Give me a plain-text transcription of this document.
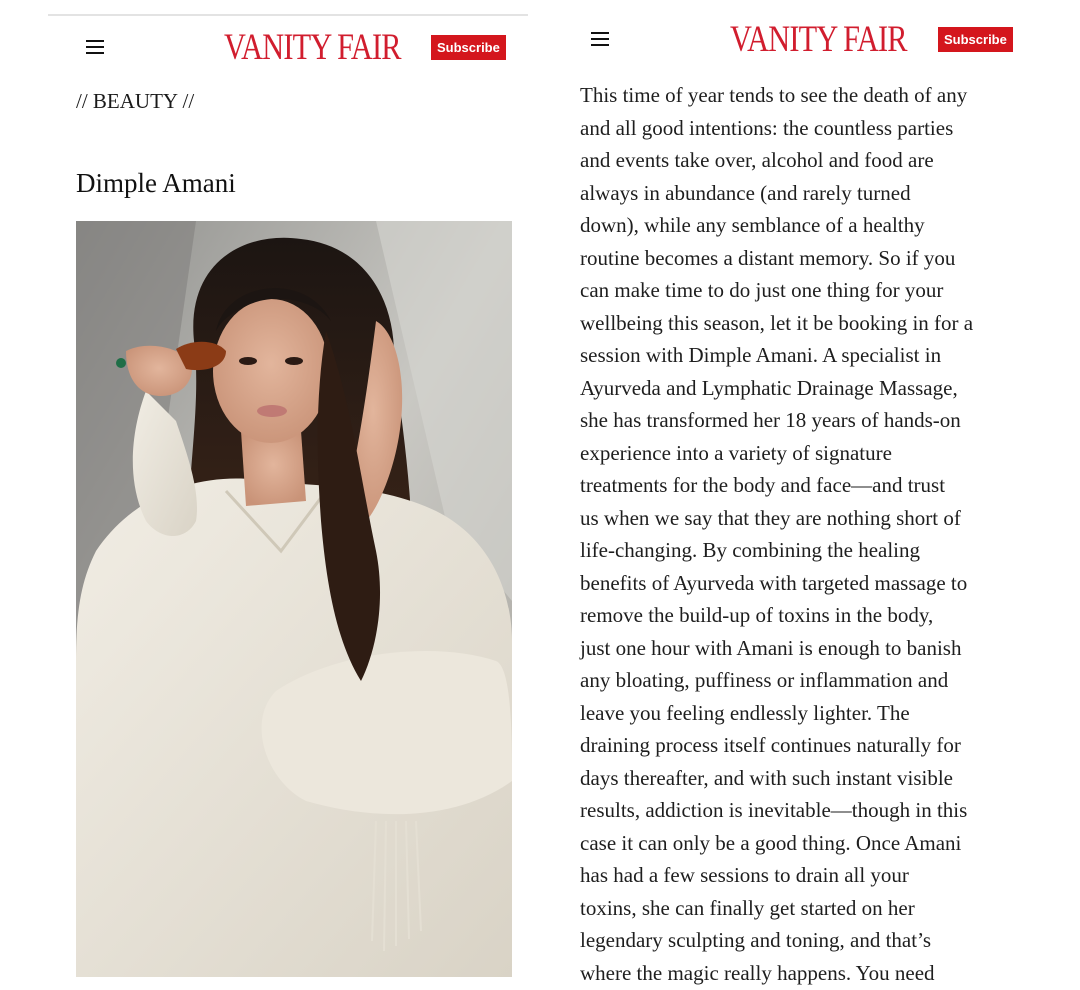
VANITY FAIR	Subscribe
// BEAUTY //
Dimple Amani
VANITY FAIR	Subscribe

This time of year tends to see the death of any
and all good intentions: the countless parties
and events take over, alcohol and food are
always in abundance (and rarely turned
down), while any semblance of a healthy
routine becomes a distant memory. So if you
can make time to do just one thing for your
wellbeing this season, let it be booking in for a
session with Dimple Amani. A specialist in
Ayurveda and Lymphatic Drainage Massage,
she has transformed her 18 years of hands-on
experience into a variety of signature
treatments for the body and face—and trust
us when we say that they are nothing short of
life-changing. By combining the healing
benefits of Ayurveda with targeted massage to
remove the build-up of toxins in the body,
just one hour with Amani is enough to banish
any bloating, puffiness or inflammation and
leave you feeling endlessly lighter. The
draining process itself continues naturally for
days thereafter, and with such instant visible
results, addiction is inevitable—though in this
case it can only be a good thing. Once Amani
has had a few sessions to drain all your
toxins, she can finally get started on her
legendary sculpting and toning, and that’s
where the magic really happens. You need
